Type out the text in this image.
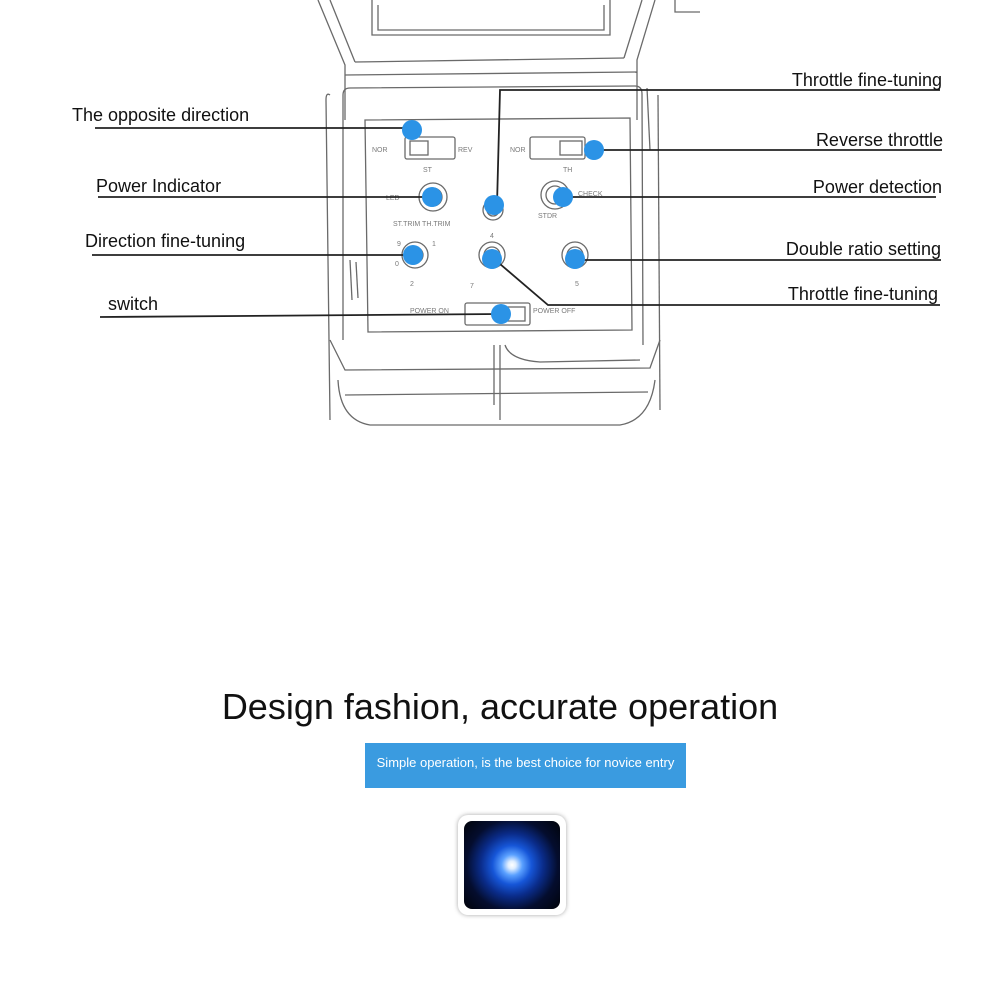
ST	TH
NOR	REV	NOR
LED
ST.TRIM TH.TRIM
STDR
CHECK
POWER ON	POWER OFF
9	1
0
2
4
7	5
The opposite direction
Power Indicator
Direction fine-tuning
switch
Throttle fine-tuning
Reverse throttle
Power detection
Double ratio setting
Throttle fine-tuning
Design fashion, accurate operation
Simple operation, is the best choice for novice entry
